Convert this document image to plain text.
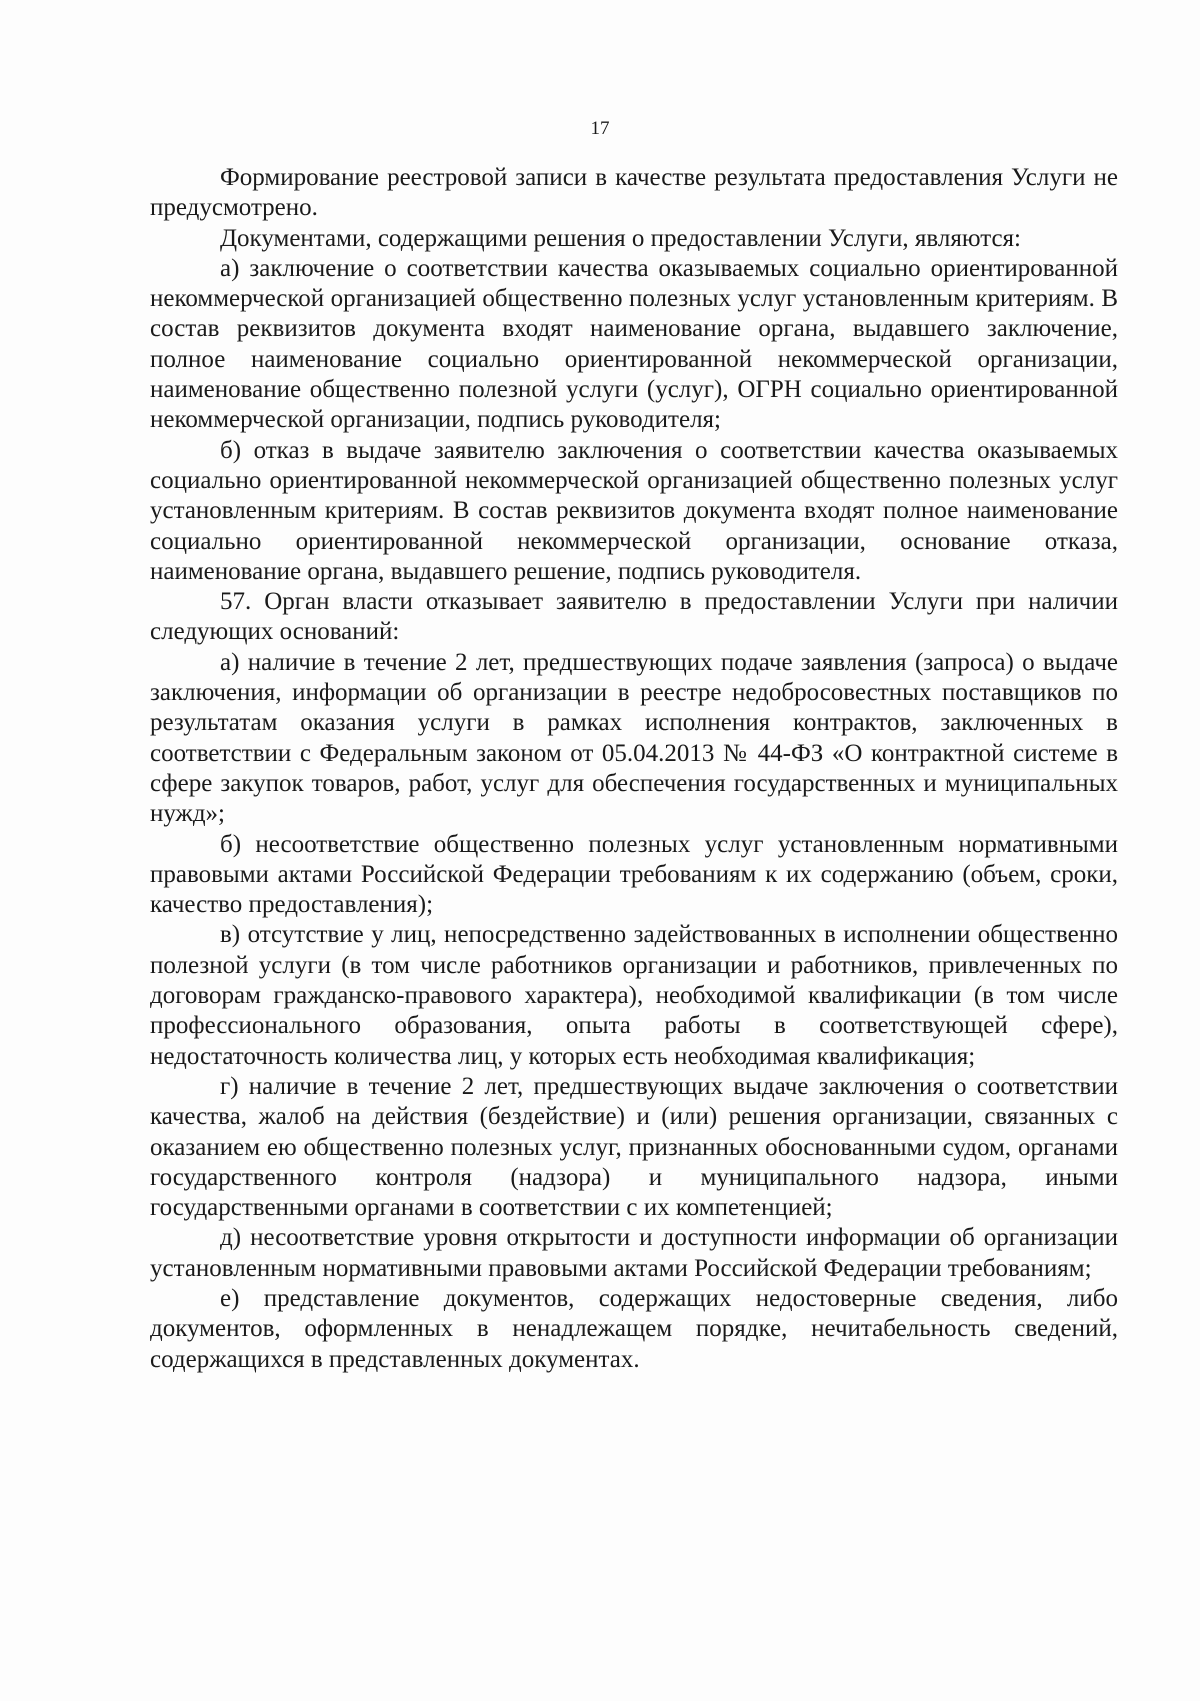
17

Формирование реестровой записи в качестве результата предоставления Услуги не предусмотрено.

Документами, содержащими решения о предоставлении Услуги, являются:

а) заключение о соответствии качества оказываемых социально ориентированной некоммерческой организацией общественно полезных услуг установленным критериям. В состав реквизитов документа входят наименование органа, выдавшего заключение, полное наименование социально ориентированной некоммерческой организации, наименование общественно полезной услуги (услуг), ОГРН социально ориентированной некоммерческой организации, подпись руководителя;

б) отказ в выдаче заявителю заключения о соответствии качества оказываемых социально ориентированной некоммерческой организацией общественно полезных услуг установленным критериям. В состав реквизитов документа входят полное наименование социально ориентированной некоммерческой организации, основание отказа, наименование органа, выдавшего решение, подпись руководителя.

57. Орган власти отказывает заявителю в предоставлении Услуги при наличии следующих оснований:

а) наличие в течение 2 лет, предшествующих подаче заявления (запроса) о выдаче заключения, информации об организации в реестре недобросовестных поставщиков по результатам оказания услуги в рамках исполнения контрактов, заключенных в соответствии с Федеральным законом от 05.04.2013 № 44-ФЗ «О контрактной системе в сфере закупок товаров, работ, услуг для обеспечения государственных и муниципальных нужд»;

б) несоответствие общественно полезных услуг установленным нормативными правовыми актами Российской Федерации требованиям к их содержанию (объем, сроки, качество предоставления);

в) отсутствие у лиц, непосредственно задействованных в исполнении общественно полезной услуги (в том числе работников организации и работников, привлеченных по договорам гражданско-правового характера), необходимой квалификации (в том числе профессионального образования, опыта работы в соответствующей сфере), недостаточность количества лиц, у которых есть необходимая квалификация;

г) наличие в течение 2 лет, предшествующих выдаче заключения о соответствии качества, жалоб на действия (бездействие) и (или) решения организации, связанных с оказанием ею общественно полезных услуг, признанных обоснованными судом, органами государственного контроля (надзора) и муниципального надзора, иными государственными органами в соответствии с их компетенцией;

д) несоответствие уровня открытости и доступности информации об организации установленным нормативными правовыми актами Российской Федерации требованиям;

е) представление документов, содержащих недостоверные сведения, либо документов, оформленных в ненадлежащем порядке, нечитабельность сведений, содержащихся в представленных документах.
